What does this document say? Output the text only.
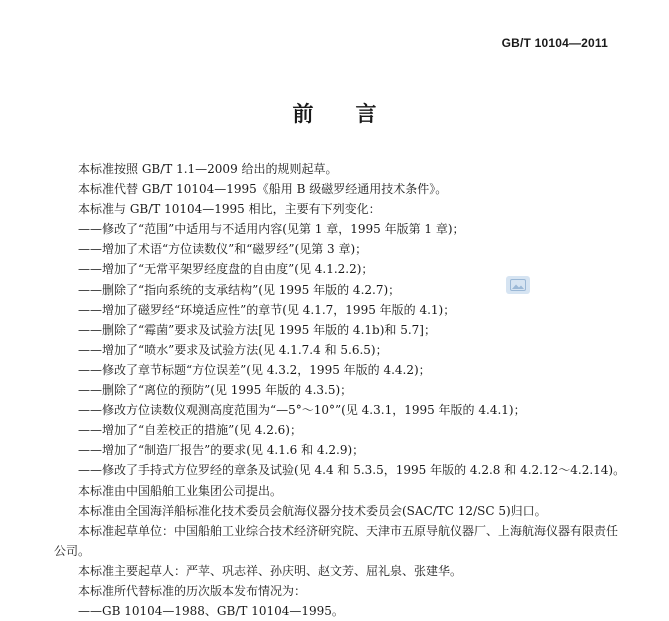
GB/T 10104—2011
前言

本标准按照 GB/T 1.1—2009 给出的规则起草。

本标准代替 GB/T 10104—1995《船用 B 级磁罗经通用技术条件》。

本标准与 GB/T 10104—1995 相比，主要有下列变化：

——修改了“范围”中适用与不适用内容(见第 1 章，1995 年版第 1 章)；

——增加了术语“方位读数仪”和“磁罗经”(见第 3 章)；

——增加了“无常平架罗经度盘的自由度”(见 4.1.2.2)；

——删除了“指向系统的支承结构”(见 1995 年版的 4.2.7)；

——增加了磁罗经“环境适应性”的章节(见 4.1.7，1995 年版的 4.1)；

——删除了“霉菌”要求及试验方法[见 1995 年版的 4.1b)和 5.7]；

——增加了“喷水”要求及试验方法(见 4.1.7.4 和 5.6.5)；

——修改了章节标题“方位误差”(见 4.3.2，1995 年版的 4.4.2)；

——删除了“离位的预防”(见 1995 年版的 4.3.5)；

——修改方位读数仪观测高度范围为“—5°～10°”(见 4.3.1，1995 年版的 4.4.1)；

——增加了“自差校正的措施”(见 4.2.6)；

——增加了“制造厂报告”的要求(见 4.1.6 和 4.2.9)；

——修改了手持式方位罗经的章条及试验(见 4.4 和 5.3.5，1995 年版的 4.2.8 和 4.2.12～4.2.14)。

本标准由中国船舶工业集团公司提出。

本标准由全国海洋船标准化技术委员会航海仪器分技术委员会(SAC/TC 12/SC 5)归口。

本标准起草单位：中国船舶工业综合技术经济研究院、天津市五原导航仪器厂、上海航海仪器有限责任公司。

本标准主要起草人：严苹、巩志祥、孙庆明、赵文芳、屈礼泉、张建华。

本标准所代替标准的历次版本发布情况为：

——GB 10104—1988、GB/T 10104—1995。
